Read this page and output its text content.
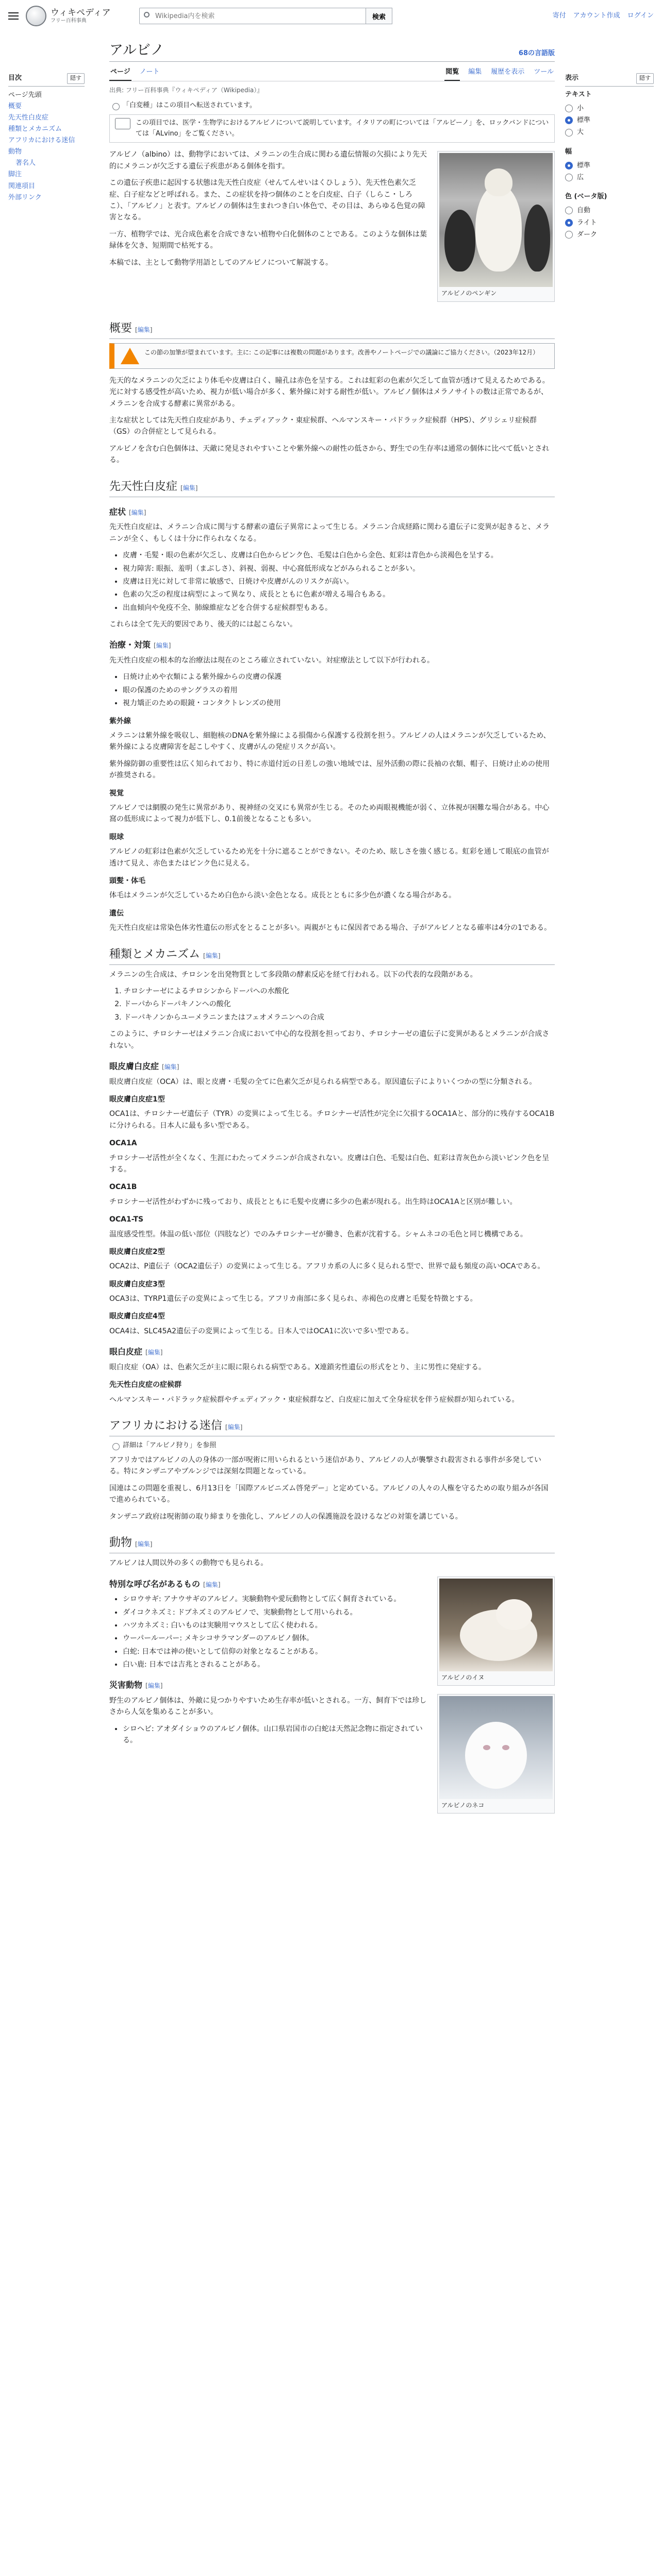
ウィキペディア
フリー百科事典
Wikipedia内を検索	検索	寄付 アカウント作成 ログイン
目次	隠す
ページ先頭
概要
先天性白皮症
種類とメカニズム
アフリカにおける迷信
動物
著名人
脚注
関連項目
外部リンク
アルビノ	68の言語版
ページ ノート	閲覧 編集 履歴を表示 ツール
出典: フリー百科事典『ウィキペディア（Wikipedia）』
「白変種」はこの項目へ転送されています。
この項目では、医学・生物学におけるアルビノについて説明しています。イタリアの町については「アルビーノ」を、ロックバンドについては「ALvino」をご覧ください。
アルビノのペンギン

アルビノ（albino）は、動物学においては、メラニンの生合成に関わる遺伝情報の欠損により先天的にメラニンが欠乏する遺伝子疾患がある個体を指す。

この遺伝子疾患に起因する状態は先天性白皮症（せんてんせいはくひしょう）、先天性色素欠乏症、白子症などと呼ばれる。また、この症状を持つ個体のことを白皮症、白子（しらこ・しろこ）、「アルビノ」と表す。アルビノの個体は生まれつき白い体色で、その目は、あらゆる色覚の障害となる。

一方、植物学では、光合成色素を合成できない植物や白化個体のことである。このような個体は葉緑体を欠き、短期間で枯死する。

本稿では、主として動物学用語としてのアルビノについて解説する。

概要 [編集]
この節の加筆が望まれています。主に: この記事には複数の問題があります。改善やノートページでの議論にご協力ください。（2023年12月）

先天的なメラニンの欠乏により体毛や皮膚は白く、瞳孔は赤色を呈する。これは虹彩の色素が欠乏して血管が透けて見えるためである。光に対する感受性が高いため、視力が低い場合が多く、紫外線に対する耐性が低い。アルビノ個体はメラノサイトの数は正常であるが、メラニンを合成する酵素に異常がある。

主な症状としては先天性白皮症があり、チェディアック・東症候群、ヘルマンスキー・パドラック症候群（HPS）、グリシェリ症候群（GS）の合併症として見られる。

アルビノを含む白色個体は、天敵に発見されやすいことや紫外線への耐性の低さから、野生での生存率は通常の個体に比べて低いとされる。

先天性白皮症 [編集]
症状 [編集]

先天性白皮症は、メラニン合成に関与する酵素の遺伝子異常によって生じる。メラニン合成経路に関わる遺伝子に変異が起きると、メラニンが全く、もしくは十分に作られなくなる。

• 皮膚・毛髪・眼の色素が欠乏し、皮膚は白色からピンク色、毛髪は白色から金色、虹彩は青色から淡褐色を呈する。
• 視力障害: 眼振、羞明（まぶしさ）、斜視、弱視、中心窩低形成などがみられることが多い。
• 皮膚は日光に対して非常に敏感で、日焼けや皮膚がんのリスクが高い。
• 色素の欠乏の程度は病型によって異なり、成長とともに色素が増える場合もある。
• 出血傾向や免疫不全、肺線維症などを合併する症候群型もある。

これらは全て先天的要因であり、後天的には起こらない。

治療・対策 [編集]

先天性白皮症の根本的な治療法は現在のところ確立されていない。対症療法として以下が行われる。

• 日焼け止めや衣類による紫外線からの皮膚の保護
• 眼の保護のためのサングラスの着用
• 視力矯正のための眼鏡・コンタクトレンズの使用
紫外線

メラニンは紫外線を吸収し、細胞核のDNAを紫外線による損傷から保護する役割を担う。アルビノの人はメラニンが欠乏しているため、紫外線による皮膚障害を起こしやすく、皮膚がんの発症リスクが高い。

紫外線防御の重要性は広く知られており、特に赤道付近の日差しの強い地域では、屋外活動の際に長袖の衣類、帽子、日焼け止めの使用が推奨される。

視覚

アルビノでは網膜の発生に異常があり、視神経の交叉にも異常が生じる。そのため両眼視機能が弱く、立体視が困難な場合がある。中心窩の低形成によって視力が低下し、0.1前後となることも多い。

眼球

アルビノの虹彩は色素が欠乏しているため光を十分に遮ることができない。そのため、眩しさを強く感じる。虹彩を通して眼底の血管が透けて見え、赤色またはピンク色に見える。

頭髪・体毛

体毛はメラニンが欠乏しているため白色から淡い金色となる。成長とともに多少色が濃くなる場合がある。

遺伝

先天性白皮症は常染色体劣性遺伝の形式をとることが多い。両親がともに保因者である場合、子がアルビノとなる確率は4分の1である。

種類とメカニズム [編集]

メラニンの生合成は、チロシンを出発物質として多段階の酵素反応を経て行われる。以下の代表的な段階がある。

1. チロシナーゼによるチロシンからドーパへの水酸化
2. ドーパからドーパキノンへの酸化
3. ドーパキノンからユーメラニンまたはフェオメラニンへの合成

このように、チロシナーゼはメラニン合成において中心的な役割を担っており、チロシナーゼの遺伝子に変異があるとメラニンが合成されない。

眼皮膚白皮症 [編集]

眼皮膚白皮症（OCA）は、眼と皮膚・毛髪の全てに色素欠乏が見られる病型である。原因遺伝子によりいくつかの型に分類される。

眼皮膚白皮症1型

OCA1は、チロシナーゼ遺伝子（TYR）の変異によって生じる。チロシナーゼ活性が完全に欠損するOCA1Aと、部分的に残存するOCA1Bに分けられる。日本人に最も多い型である。

OCA1A

チロシナーゼ活性が全くなく、生涯にわたってメラニンが合成されない。皮膚は白色、毛髪は白色、虹彩は青灰色から淡いピンク色を呈する。

OCA1B

チロシナーゼ活性がわずかに残っており、成長とともに毛髪や皮膚に多少の色素が現れる。出生時はOCA1Aと区別が難しい。

OCA1-TS

温度感受性型。体温の低い部位（四肢など）でのみチロシナーゼが働き、色素が沈着する。シャムネコの毛色と同じ機構である。

眼皮膚白皮症2型

OCA2は、P遺伝子（OCA2遺伝子）の変異によって生じる。アフリカ系の人に多く見られる型で、世界で最も頻度の高いOCAである。

眼皮膚白皮症3型

OCA3は、TYRP1遺伝子の変異によって生じる。アフリカ南部に多く見られ、赤褐色の皮膚と毛髪を特徴とする。

眼皮膚白皮症4型

OCA4は、SLC45A2遺伝子の変異によって生じる。日本人ではOCA1に次いで多い型である。

眼白皮症 [編集]

眼白皮症（OA）は、色素欠乏が主に眼に限られる病型である。X連鎖劣性遺伝の形式をとり、主に男性に発症する。

先天性白皮症の症候群

ヘルマンスキー・パドラック症候群やチェディアック・東症候群など、白皮症に加えて全身症状を伴う症候群が知られている。

アフリカにおける迷信 [編集]
詳細は「アルビノ狩り」を参照

アフリカではアルビノの人の身体の一部が呪術に用いられるという迷信があり、アルビノの人が襲撃され殺害される事件が多発している。特にタンザニアやブルンジでは深刻な問題となっている。

国連はこの問題を重視し、6月13日を「国際アルビニズム啓発デー」と定めている。アルビノの人々の人権を守るための取り組みが各国で進められている。

タンザニア政府は呪術師の取り締まりを強化し、アルビノの人の保護施設を設けるなどの対策を講じている。

動物 [編集]

アルビノは人間以外の多くの動物でも見られる。

アルビノのイヌ
アルビノのネコ
特別な呼び名があるもの [編集]
• シロウサギ: アナウサギのアルビノ。実験動物や愛玩動物として広く飼育されている。
• ダイコクネズミ: ドブネズミのアルビノで、実験動物として用いられる。
• ハツカネズミ: 白いものは実験用マウスとして広く使われる。
• ウーパールーパー: メキシコサラマンダーのアルビノ個体。
• 白蛇: 日本では神の使いとして信仰の対象となることがある。
• 白い鹿: 日本では吉兆とされることがある。
災害動物 [編集]

野生のアルビノ個体は、外敵に見つかりやすいため生存率が低いとされる。一方、飼育下では珍しさから人気を集めることが多い。

• シロヘビ: アオダイショウのアルビノ個体。山口県岩国市の白蛇は天然記念物に指定されている。
表示	隠す
テキスト
小
標準
大
幅
標準
広
色 (ベータ版)
自動
ライト
ダーク
